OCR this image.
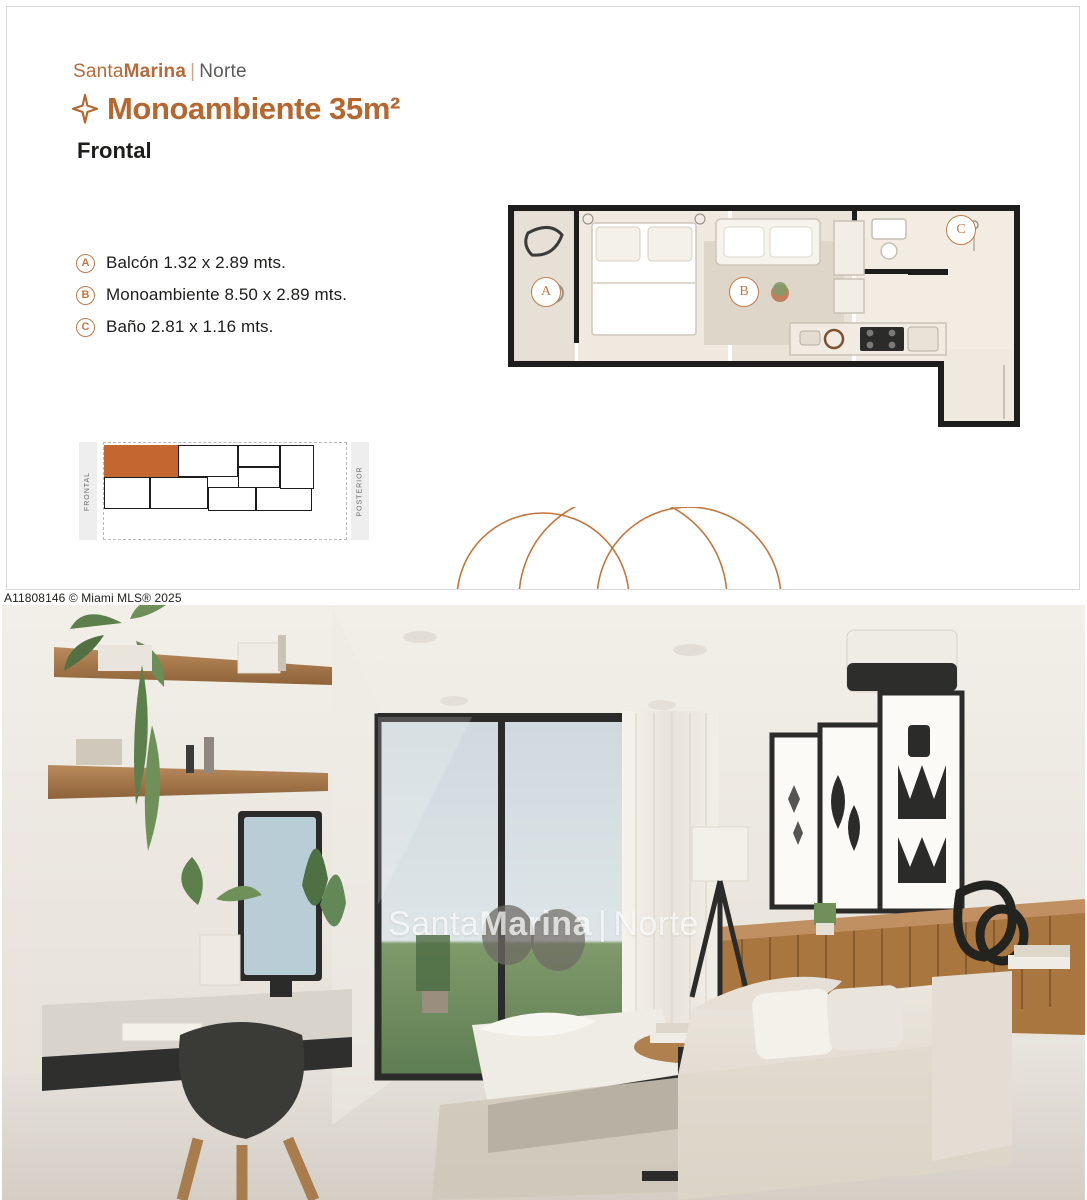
SantaMarina | Norte
Monoambiente 35m²
Frontal
A Balcón 1.32 x 2.89 mts.
B Monoambiente 8.50 x 2.89 mts.
C Baño 2.81 x 1.16 mts.
A	B
C
FRONTAL	POSTERIOR
A11808146 © Miami MLS® 2025
SantaMarina | Norte
